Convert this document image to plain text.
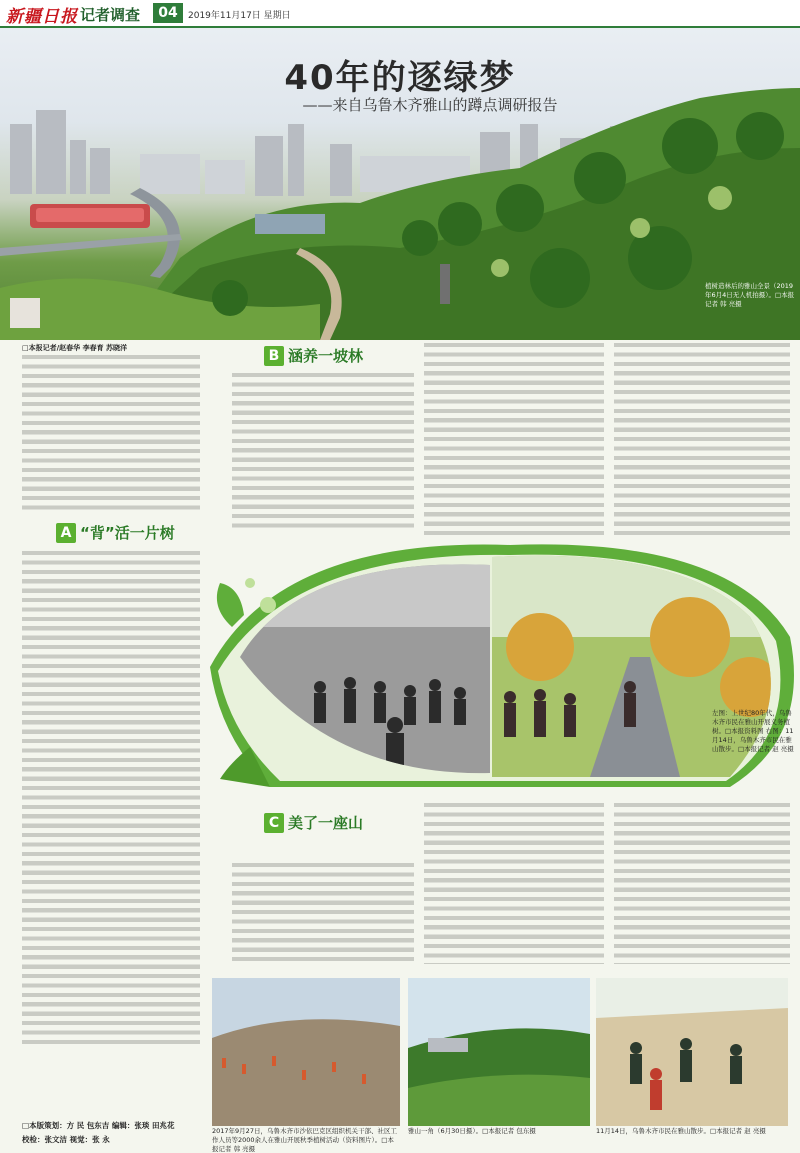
新疆日报 记者调查	04	2019年11月17日 星期日
40年的逐绿梦
——来自乌鲁木齐雅山的蹲点调研报告
植树造林后的雅山全景（2019年6月4日无人机拍摄）。□本报记者 韩 亮摄
□本报记者/赵春华 李春育 苏晓洋	B 涵养一坡林
A “背”活一片树
C 美了一座山
左图：上世纪80年代，乌鲁木齐市民在雅山开展义务植树。□本报资料图 右图：11月14日，乌鲁木齐市民在雅山散步。□本报记者 赵 亮摄
2017年9月27日，乌鲁木齐市沙依巴克区组织机关干部、社区工作人员等2000余人在雅山开展秋季植树活动（资料图片）。□本报记者 韩 亮摄
雅山一角（6月30日摄）。□本报记者 包东摄	11月14日，乌鲁木齐市民在雅山散步。□本报记者 赵 亮摄
□本版策划：方 民 包东吉 编辑：张琰 田兆花
校检：张文洁 视觉：张 永
